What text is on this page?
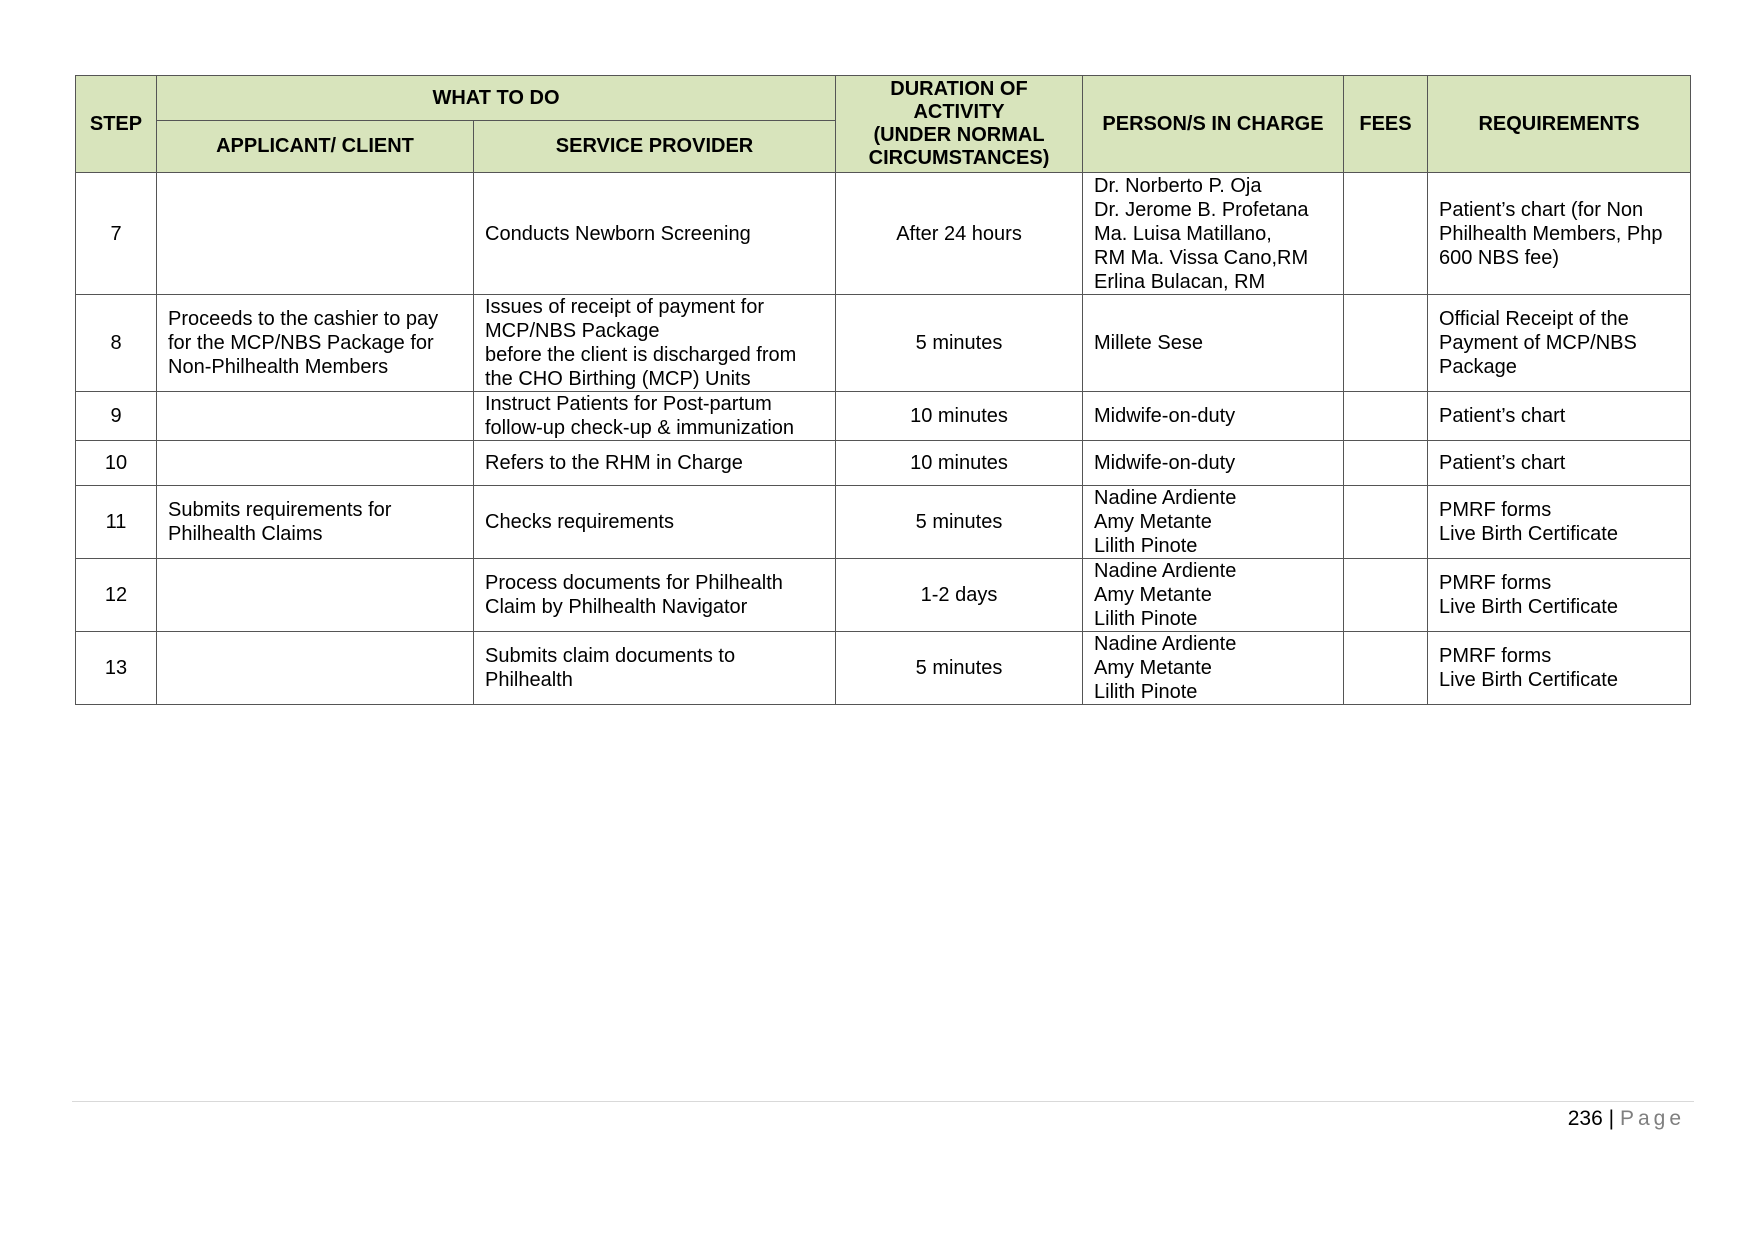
STEP	WHAT TO DO		DURATION OF
ACTIVITY
(UNDER NORMAL
CIRCUMSTANCES)	PERSON/S IN CHARGE	FEES	REQUIREMENTS
	APPLICANT/ CLIENT	SERVICE PROVIDER				
7		Conducts Newborn Screening	After 24 hours	Dr. Norberto P. Oja
Dr. Jerome B. Profetana
Ma. Luisa Matillano,
RM Ma. Vissa Cano,RM
Erlina Bulacan, RM		Patient’s chart (for Non
Philhealth Members, Php
600 NBS fee)
8	Proceeds to the cashier to pay
for the MCP/NBS Package for
Non-Philhealth Members	Issues of receipt of payment for
MCP/NBS Package
before the client is discharged from
the CHO Birthing (MCP) Units	5 minutes	Millete Sese		Official Receipt of the
Payment of MCP/NBS
Package
9		Instruct Patients for Post-partum
follow-up check-up & immunization	10 minutes	Midwife-on-duty		Patient’s chart
10		Refers to the RHM in Charge	10 minutes	Midwife-on-duty		Patient’s chart
11	Submits requirements for
Philhealth Claims	Checks requirements	5 minutes	Nadine Ardiente
Amy Metante
Lilith Pinote		PMRF forms
Live Birth Certificate
12		Process documents for Philhealth
Claim by Philhealth Navigator	1-2 days	Nadine Ardiente
Amy Metante
Lilith Pinote		PMRF forms
Live Birth Certificate
13		Submits claim documents to
Philhealth	5 minutes	Nadine Ardiente
Amy Metante
Lilith Pinote		PMRF forms
Live Birth Certificate
236 | Page
